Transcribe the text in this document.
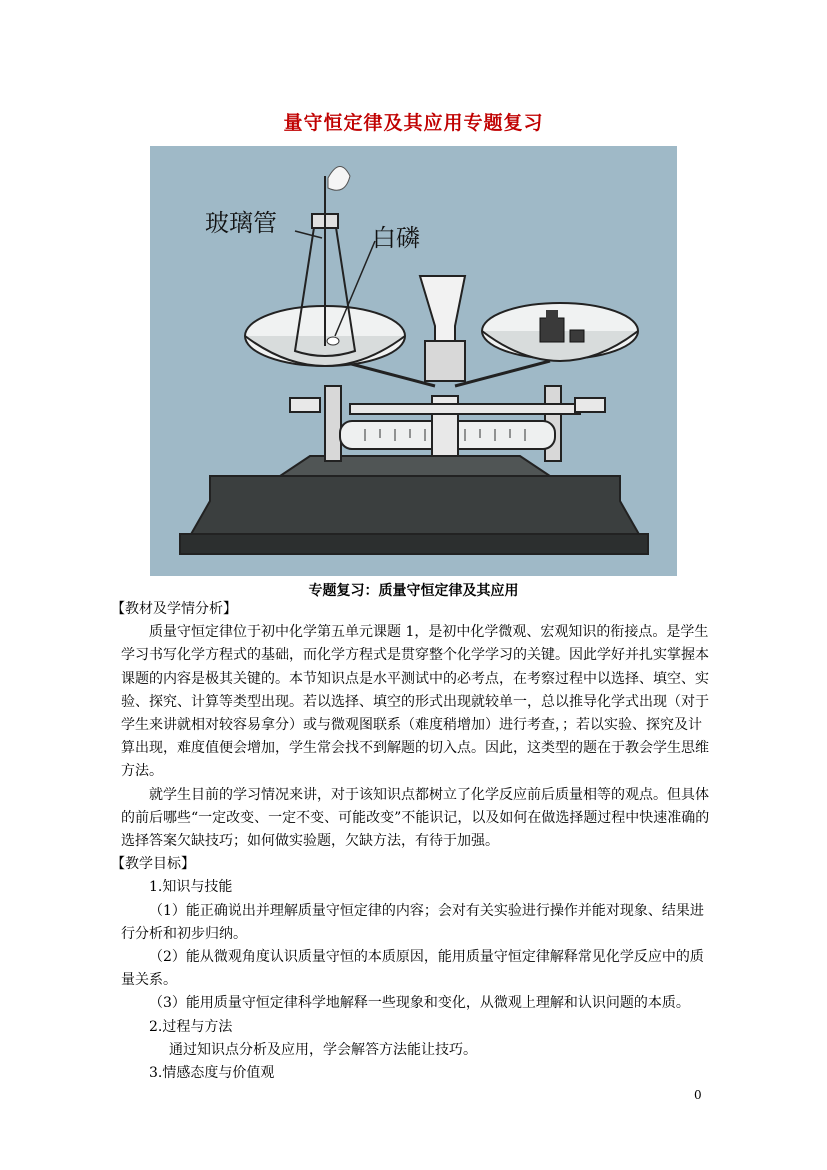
量守恒定律及其应用专题复习
玻璃管
白磷
专题复习：质量守恒定律及其应用

【教材及学情分析】

质量守恒定律位于初中化学第五单元课题 1，是初中化学微观、宏观知识的衔接点。是学生学习书写化学方程式的基础，而化学方程式是贯穿整个化学学习的关键。因此学好并扎实掌握本课题的内容是极其关键的。本节知识点是水平测试中的必考点，在考察过程中以选择、填空、实验、探究、计算等类型出现。若以选择、填空的形式出现就较单一，总以推导化学式出现（对于学生来讲就相对较容易拿分）或与微观图联系（难度稍增加）进行考查，；若以实验、探究及计算出现，难度值便会增加，学生常会找不到解题的切入点。因此，这类型的题在于教会学生思维方法。

就学生目前的学习情况来讲，对于该知识点都树立了化学反应前后质量相等的观点。但具体的前后哪些“一定改变、一定不变、可能改变”不能识记，以及如何在做选择题过程中快速准确的选择答案欠缺技巧；如何做实验题，欠缺方法，有待于加强。

【教学目标】

1.知识与技能

（1）能正确说出并理解质量守恒定律的内容；会对有关实验进行操作并能对现象、结果进行分析和初步归纳。

（2）能从微观角度认识质量守恒的本质原因，能用质量守恒定律解释常见化学反应中的质量关系。

（3）能用质量守恒定律科学地解释一些现象和变化，从微观上理解和认识问题的本质。

2.过程与方法

通过知识点分析及应用，学会解答方法能让技巧。

3.情感态度与价值观

0
